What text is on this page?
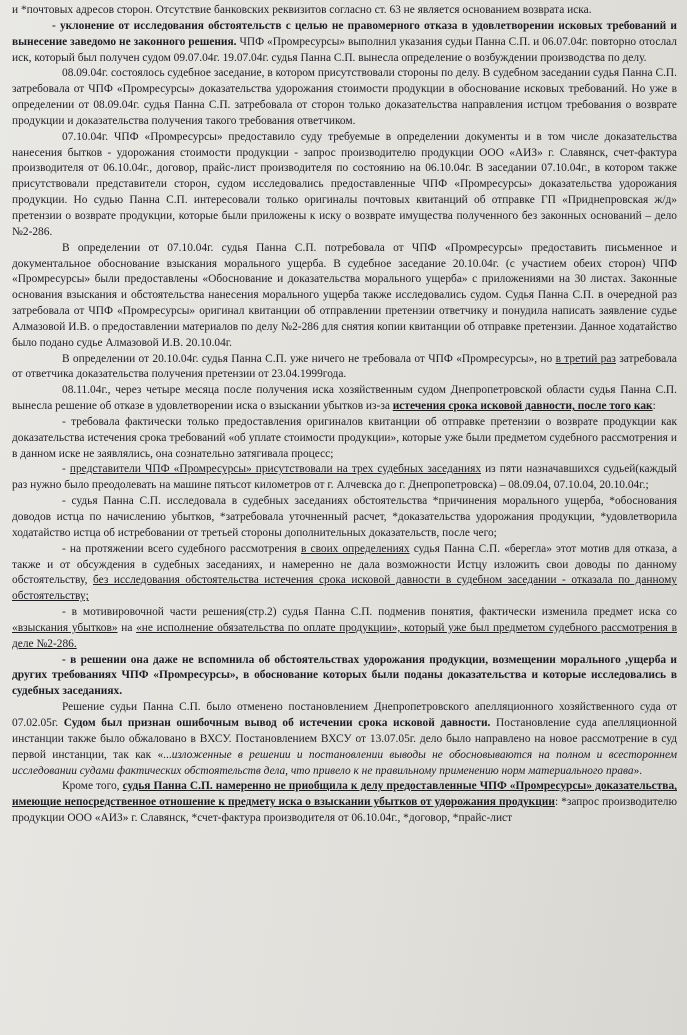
и *почтовых адресов сторон. Отсутствие банковских реквизитов согласно ст. 63 не является основанием возврата иска.

- уклонение от исследования обстоятельств с целью не правомерного отказа в удовлетворении исковых требований и вынесение заведомо не законного решения. ЧПФ «Промресурсы» выполнил указания судьи Панна С.П. и 06.07.04г. повторно отослал иск, который был получен судом 09.07.04г. 19.07.04г. судья Панна С.П. вынесла определение о возбуждении производства по делу.

08.09.04г. состоялось судебное заседание, в котором присутствовали стороны по делу. В судебном заседании судья Панна С.П. затребовала от ЧПФ «Промресурсы» доказательства удорожания стоимости продукции в обоснование исковых требований. Но уже в определении от 08.09.04г. судья Панна С.П. затребовала от сторон только доказательства направления истцом требования о возврате продукции и доказательства получения такого требования ответчиком.

07.10.04г. ЧПФ «Промресурсы» предоставило суду требуемые в определении документы и в том числе доказательства нанесения бытков - удорожания стоимости продукции - запрос производителю продукции ООО «АИЗ» г. Славянск, счет-фактура производителя от 06.10.04г., договор, прайс-лист производителя по состоянию на 06.10.04г. В заседании 07.10.04г., в котором также присутствовали представители сторон, судом исследовались предоставленные ЧПФ «Промресурсы» доказательства удорожания продукции. Но судью Панна С.П. интересовали только оригиналы почтовых квитанций об отправке ГП «Приднепровская ж/д» претензии о возврате продукции, которые были приложены к иску о возврате имущества полученного без законных оснований – дело №2-286.

В определении от 07.10.04г. судья Панна С.П. потребовала от ЧПФ «Промресурсы» предоставить письменное и документальное обоснование взыскания морального ущерба. В судебное заседание 20.10.04г. (с участием обеих сторон) ЧПФ «Промресурсы» были предоставлены «Обоснование и доказательства морального ущерба» с приложениями на 30 листах. Законные основания взыскания и обстоятельства нанесения морального ущерба также исследовались судом. Судья Панна С.П. в очередной раз затребовала от ЧПФ «Промресурсы» оригинал квитанции об отправлении претензии ответчику и понудила написать заявление судье Алмазовой И.В. о предоставлении материалов по делу №2-286 для снятия копии квитанции об отправке претензии. Данное ходатайство было подано судье Алмазовой И.В. 20.10.04г.

В определении от 20.10.04г. судья Панна С.П. уже ничего не требовала от ЧПФ «Промресурсы», но в третий раз затребовала от ответчика доказательства получения претензии от 23.04.1999года.

08.11.04г., через четыре месяца после получения иска хозяйственным судом Днепропетровской области судья Панна С.П. вынесла решение об отказе в удовлетворении иска о взыскании убытков из-за истечения срока исковой давности, после того как:

- требовала фактически только предоставления оригиналов квитанции об отправке претензии о возврате продукции как доказательства истечения срока требований «об уплате стоимости продукции», которые уже были предметом судебного рассмотрения и в данном иске не заявлялись, она сознательно затягивала процесс;

- представители ЧПФ «Промресурсы» присутствовали на трех судебных заседаниях из пяти назначавшихся судьей(каждый раз нужно было преодолевать на машине пятьсот километров от г. Алчевска до г. Днепропетровска) – 08.09.04, 07.10.04, 20.10.04г.;

- судья Панна С.П. исследовала в судебных заседаниях обстоятельства *причинения морального ущерба, *обоснования доводов истца по начислению убытков, *затребовала уточненный расчет, *доказательства удорожания продукции, *удовлетворила ходатайство истца об истребовании от третьей стороны дополнительных доказательств, после чего;

- на протяжении всего судебного рассмотрения в своих определениях судья Панна С.П. «берегла» этот мотив для отказа, а также и от обсуждения в судебных заседаниях, и намеренно не дала возможности Истцу изложить свои доводы по данному обстоятельству, без исследования обстоятельства истечения срока исковой давности в судебном заседании - отказала по данному обстоятельству;

- в мотивировочной части решения(стр.2) судья Панна С.П. подменив понятия, фактически изменила предмет иска со «взыскания убытков» на «не исполнение обязательства по оплате продукции», который уже был предметом судебного рассмотрения в деле №2-286.

- в решении она даже не вспомнила об обстоятельствах удорожания продукции, возмещении морального ,ущерба и других требованиях ЧПФ «Промресурсы», в обоснование которых были поданы доказательства и которые исследовались в судебных заседаниях.

Решение судьи Панна С.П. было отменено постановлением Днепропетровского апелляционного хозяйственного суда от 07.02.05г. Судом был признан ошибочным вывод об истечении срока исковой давности. Постановление суда апелляционной инстанции также было обжаловано в ВХСУ. Постановлением ВХСУ от 13.07.05г. дело было направлено на новое рассмотрение в суд первой инстанции, так как «...изложенные в решении и постановлении выводы не обосновываются на полном и всестороннем исследовании судами фактических обстоятельств дела, что привело к не правильному применению норм материального права».

Кроме того, судья Панна С.П. намеренно не приобщила к делу предоставленные ЧПФ «Промресурсы» доказательства, имеющие непосредственное отношение к предмету иска о взыскании убытков от удорожания продукции: *запрос производителю продукции ООО «АИЗ» г. Славянск, *счет-фактура производителя от 06.10.04г., *договор, *прайс-лист
